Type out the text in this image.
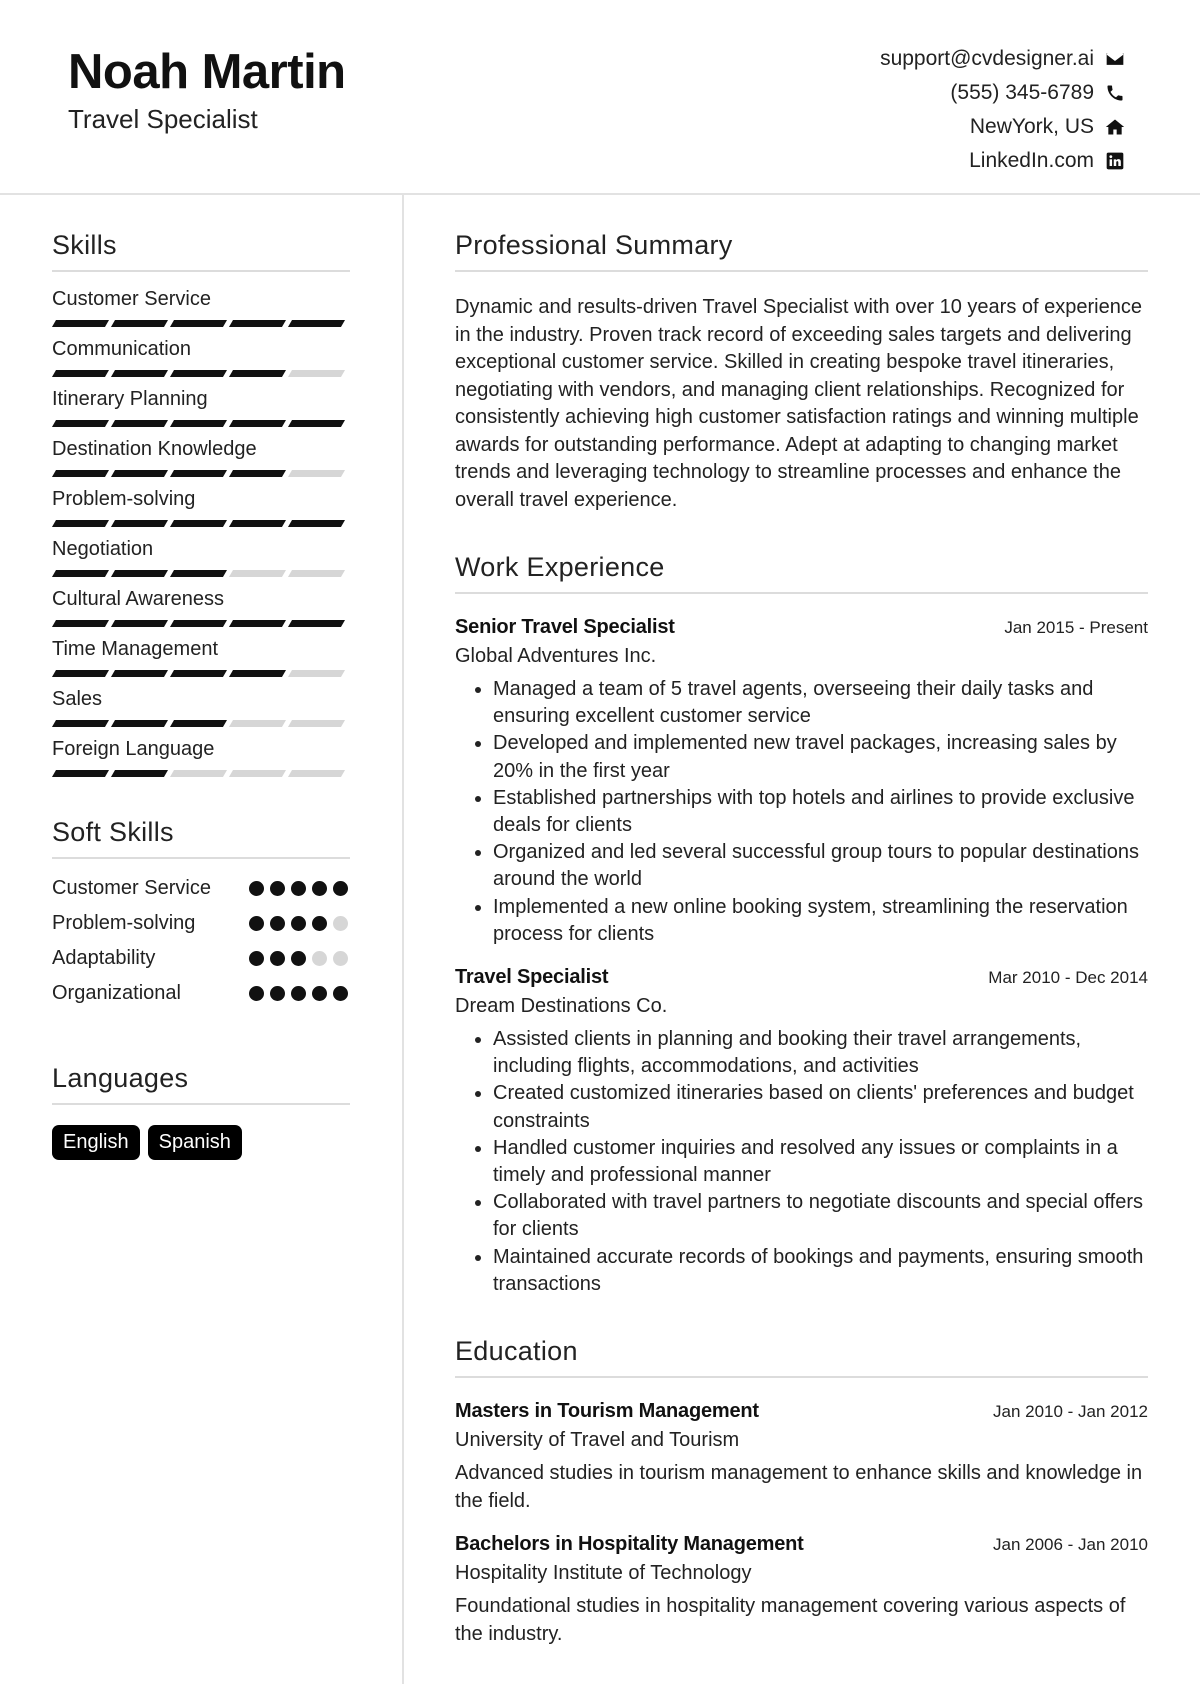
Noah Martin
Travel Specialist
support@cvdesigner.ai
(555) 345-6789
NewYork, US
LinkedIn.com
Skills
Customer Service
Communication
Itinerary Planning
Destination Knowledge
Problem-solving
Negotiation
Cultural Awareness
Time Management
Sales
Foreign Language
Soft Skills
Customer Service
Problem-solving
Adaptability
Organizational
Languages
English	Spanish
Professional Summary

Dynamic and results-driven Travel Specialist with over 10 years of experience in the industry. Proven track record of exceeding sales targets and delivering exceptional customer service. Skilled in creating bespoke travel itineraries, negotiating with vendors, and managing client relationships. Recognized for consistently achieving high customer satisfaction ratings and winning multiple awards for outstanding performance. Adept at adapting to changing market trends and leveraging technology to streamline processes and enhance the overall travel experience.

Work Experience
Senior Travel Specialist	Jan 2015 - Present
Global Adventures Inc.
• Managed a team of 5 travel agents, overseeing their daily tasks and ensuring excellent customer service
• Developed and implemented new travel packages, increasing sales by 20% in the first year
• Established partnerships with top hotels and airlines to provide exclusive deals for clients
• Organized and led several successful group tours to popular destinations around the world
• Implemented a new online booking system, streamlining the reservation process for clients
Travel Specialist	Mar 2010 - Dec 2014
Dream Destinations Co.
• Assisted clients in planning and booking their travel arrangements, including flights, accommodations, and activities
• Created customized itineraries based on clients' preferences and budget constraints
• Handled customer inquiries and resolved any issues or complaints in a timely and professional manner
• Collaborated with travel partners to negotiate discounts and special offers for clients
• Maintained accurate records of bookings and payments, ensuring smooth transactions
Education
Masters in Tourism Management	Jan 2010 - Jan 2012
University of Travel and Tourism

Advanced studies in tourism management to enhance skills and knowledge in the field.

Bachelors in Hospitality Management	Jan 2006 - Jan 2010
Hospitality Institute of Technology

Foundational studies in hospitality management covering various aspects of the industry.
